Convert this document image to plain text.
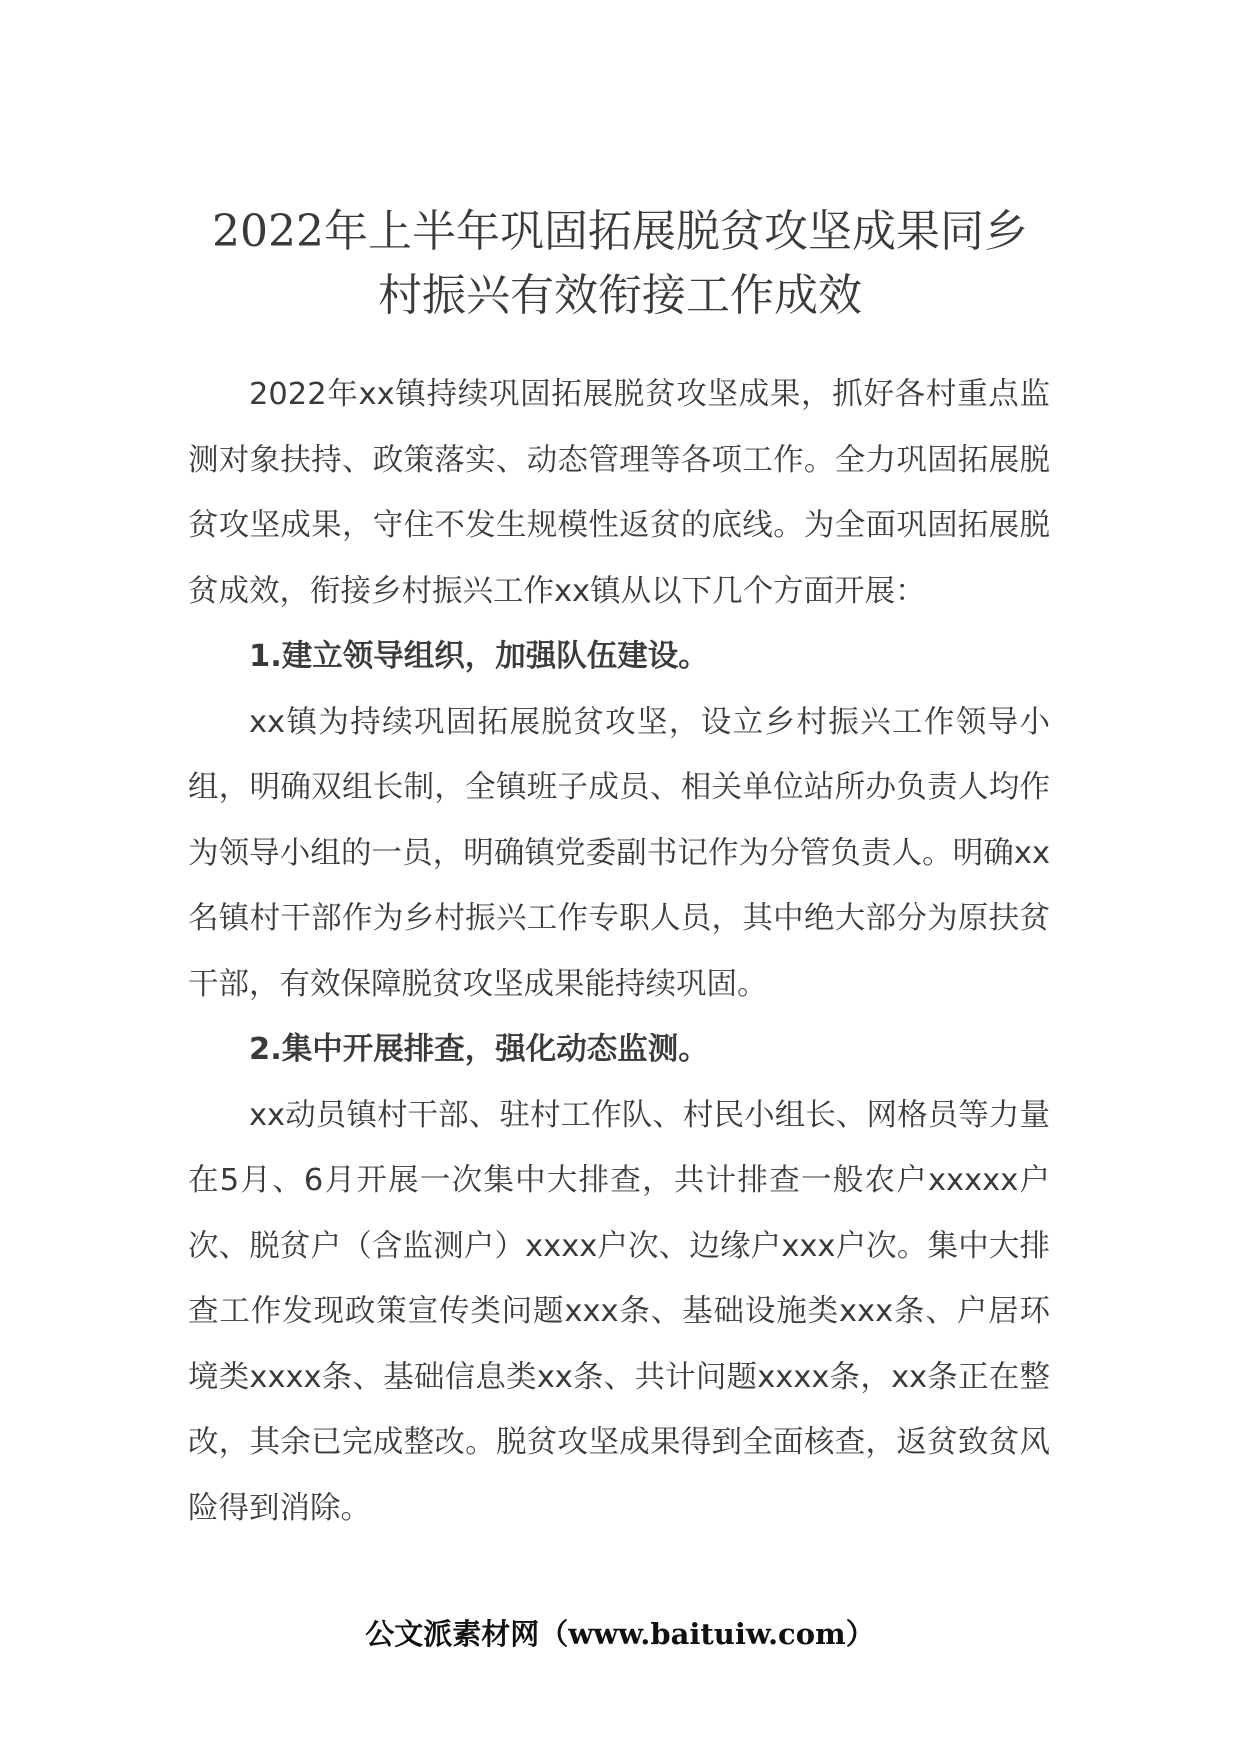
2022年上半年巩固拓展脱贫攻坚成果同乡
村振兴有效衔接工作成效

2022年xx镇持续巩固拓展脱贫攻坚成果，抓好各村重点监测对象扶持、政策落实、动态管理等各项工作。全力巩固拓展脱贫攻坚成果，守住不发生规模性返贫的底线。为全面巩固拓展脱贫成效，衔接乡村振兴工作xx镇从以下几个方面开展：

1.建立领导组织，加强队伍建设。

xx镇为持续巩固拓展脱贫攻坚，设立乡村振兴工作领导小组，明确双组长制，全镇班子成员、相关单位站所办负责人均作为领导小组的一员，明确镇党委副书记作为分管负责人。明确xx名镇村干部作为乡村振兴工作专职人员，其中绝大部分为原扶贫干部，有效保障脱贫攻坚成果能持续巩固。

2.集中开展排查，强化动态监测。

xx动员镇村干部、驻村工作队、村民小组长、网格员等力量在5月、6月开展一次集中大排查，共计排查一般农户xxxxx户次、脱贫户（含监测户）xxxx户次、边缘户xxx户次。集中大排查工作发现政策宣传类问题xxx条、基础设施类xxx条、户居环境类xxxx条、基础信息类xx条、共计问题xxxx条，xx条正在整改，其余已完成整改。脱贫攻坚成果得到全面核查，返贫致贫风险得到消除。

公文派素材网（www.baituiw.com）
